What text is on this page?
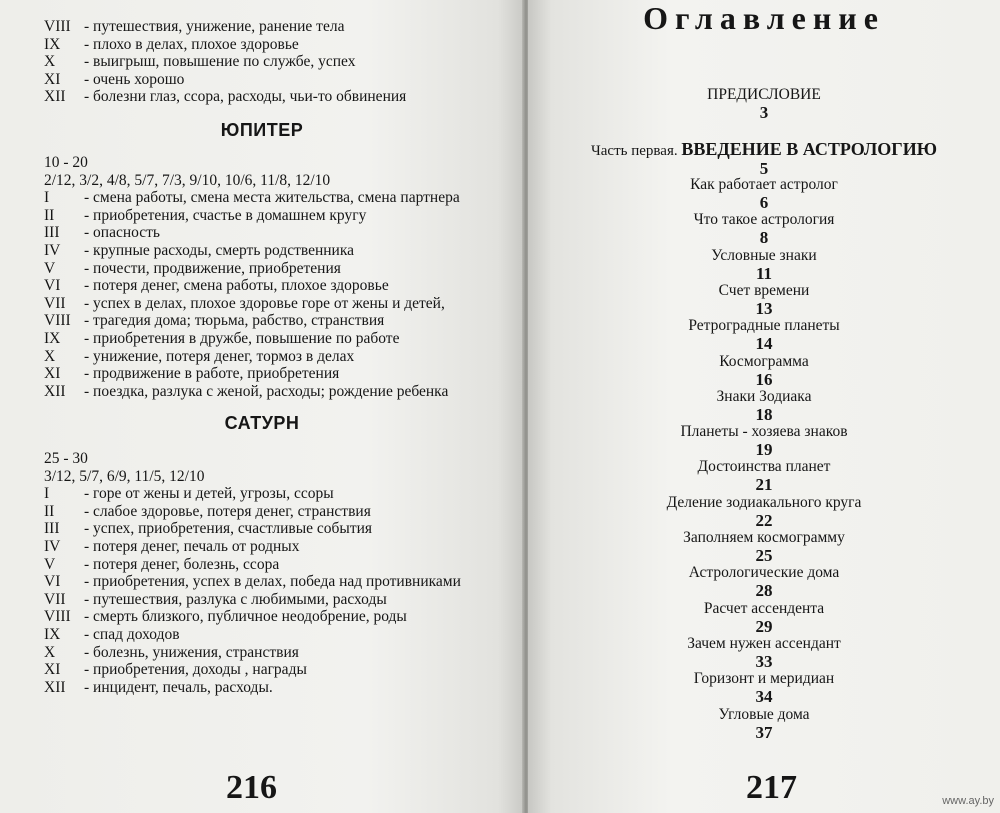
VIII - путешествия, унижение, ранение тела
IX	- плохо в делах, плохое здоровье
X	- выигрыш, повышение по службе, успех
XI	- очень хорошо
XII	- болезни глаз, ссора, расходы, чьи-то обвинения
ЮПИТЕР
10 - 20
2/12, 3/2, 4/8, 5/7, 7/3, 9/10, 10/6, 11/8, 12/10
I	- смена работы, смена места жительства, смена партнера
II	- приобретения, счастье в домашнем кругу
III	- опасность
IV	- крупные расходы, смерть родственника
V	- почести, продвижение, приобретения
VI	- потеря денег, смена работы, плохое здоровье
VII	- успех в делах, плохое здоровье горе от жены и детей,
VIII - трагедия дома; тюрьма, рабство, странствия
IX	- приобретения в дружбе, повышение по работе
X	- унижение, потеря денег, тормоз в делах
XI	- продвижение в работе, приобретения
XII	- поездка, разлука с женой, расходы; рождение ребенка
САТУРН
25 - 30
3/12, 5/7, 6/9, 11/5, 12/10
I	- горе от жены и детей, угрозы, ссоры
II	- слабое здоровье, потеря денег, странствия
III	- успех, приобретения, счастливые события
IV	- потеря денег, печаль от родных
V	- потеря денег, болезнь, ссора
VI	- приобретения, успех в делах, победа над противниками
VII	- путешествия, разлука с любимыми, расходы
VIII - смерть близкого, публичное неодобрение, роды
IX	- спад доходов
X	- болезнь, унижения, странствия
XI	- приобретения, доходы , награды
XII	- инцидент, печаль, расходы.
216
Оглавление
ПРЕДИСЛОВИЕ
3
Часть первая. ВВЕДЕНИЕ В АСТРОЛОГИЮ
5
Как работает астролог
6
Что такое астрология
8
Условные знаки
11
Счет времени
13
Ретроградные планеты
14
Космограмма
16
Знаки Зодиака
18
Планеты - хозяева знаков
19
Достоинства планет
21
Деление зодиакального круга
22
Заполняем космограмму
25
Астрологические дома
28
Расчет ассендента
29
Зачем нужен ассендант
33
Горизонт и меридиан
34
Угловые дома
37
217	www.ay.by
